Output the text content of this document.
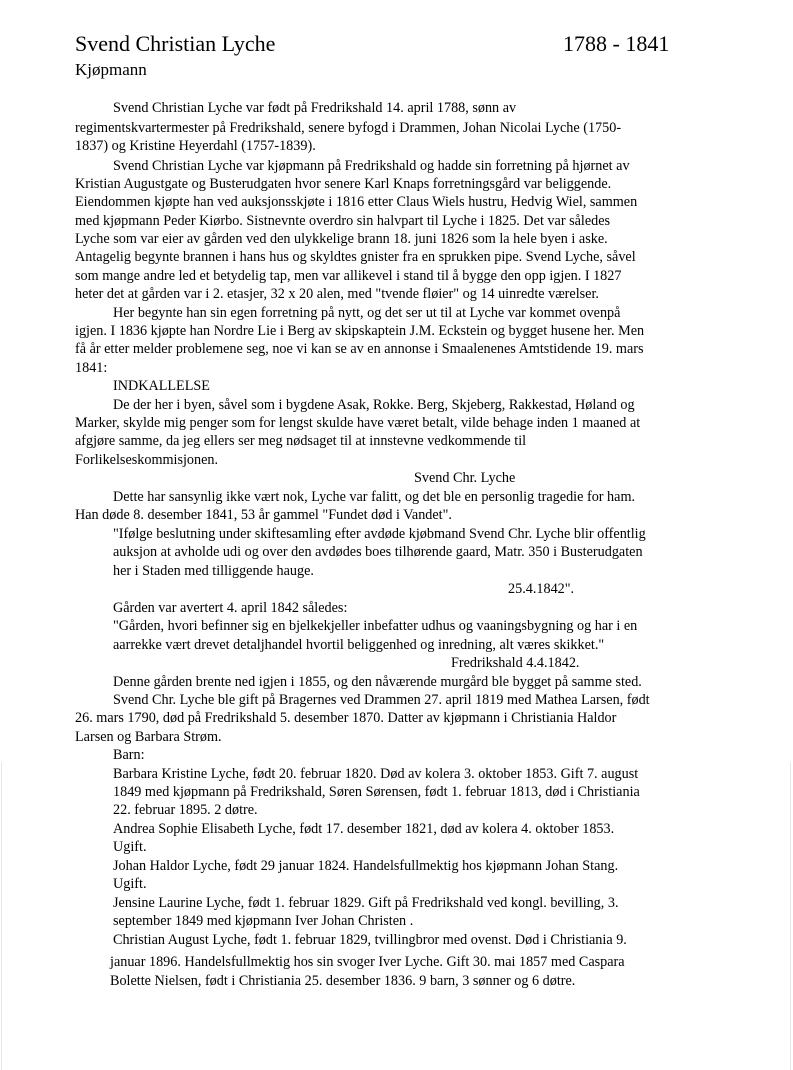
Svend Christian Lyche	1788 - 1841
Kjøpmann
Svend Christian Lyche var født på Fredrikshald 14. april 1788, sønn av
regimentskvartermester på Fredrikshald, senere byfogd i Drammen, Johan Nicolai Lyche (1750-
1837) og Kristine Heyerdahl (1757-1839).
Svend Christian Lyche var kjøpmann på Fredrikshald og hadde sin forretning på hjørnet av
Kristian Augustgate og Busterudgaten hvor senere Karl Knaps forretningsgård var beliggende.
Eiendommen kjøpte han ved auksjonsskjøte i 1816 etter Claus Wiels hustru, Hedvig Wiel, sammen
med kjøpmann Peder Kiørbo. Sistnevnte overdro sin halvpart til Lyche i 1825. Det var således
Lyche som var eier av gården ved den ulykkelige brann 18. juni 1826 som la hele byen i aske.
Antagelig begynte brannen i hans hus og skyldtes gnister fra en sprukken pipe. Svend Lyche, såvel
som mange andre led et betydelig tap, men var allikevel i stand til å bygge den opp igjen. I 1827
heter det at gården var i 2. etasjer, 32 x 20 alen, med "tvende fløier" og 14 uinredte værelser.
Her begynte han sin egen forretning på nytt, og det ser ut til at Lyche var kommet ovenpå
igjen. I 1836 kjøpte han Nordre Lie i Berg av skipskaptein J.M. Eckstein og bygget husene her. Men
få år etter melder problemene seg, noe vi kan se av en annonse i Smaalenenes Amtstidende 19. mars
1841:
INDKALLELSE
De der her i byen, såvel som i bygdene Asak, Rokke. Berg, Skjeberg, Rakkestad, Høland og
Marker, skylde mig penger som for lengst skulde have været betalt, vilde behage inden 1 maaned at
afgjøre samme, da jeg ellers ser meg nødsaget til at innstevne vedkommende til
Forlikelseskommisjonen.
Svend Chr. Lyche
Dette har sansynlig ikke vært nok, Lyche var falitt, og det ble en personlig tragedie for ham.
Han døde 8. desember 1841, 53 år gammel "Fundet død i Vandet".
"Ifølge beslutning under skiftesamling efter avdøde kjøbmand Svend Chr. Lyche blir offentlig
auksjon at avholde udi og over den avdødes boes tilhørende gaard, Matr. 350 i Busterudgaten
her i Staden med tilliggende hauge.
25.4.1842".
Gården var avertert 4. april 1842 således:
"Gården, hvori befinner sig en bjelkekjeller inbefatter udhus og vaaningsbygning og har i en
aarrekke vært drevet detaljhandel hvortil beliggenhed og inredning, alt væres skikket."
Fredrikshald 4.4.1842.
Denne gården brente ned igjen i 1855, og den nåværende murgård ble bygget på samme sted.
Svend Chr. Lyche ble gift på Bragernes ved Drammen 27. april 1819 med Mathea Larsen, født
26. mars 1790, død på Fredrikshald 5. desember 1870. Datter av kjøpmann i Christiania Haldor
Larsen og Barbara Strøm.
Barn:
Barbara Kristine Lyche, født 20. februar 1820. Død av kolera 3. oktober 1853. Gift 7. august
1849 med kjøpmann på Fredrikshald, Søren Sørensen, født 1. februar 1813, død i Christiania
22. februar 1895. 2 døtre.
Andrea Sophie Elisabeth Lyche, født 17. desember 1821, død av kolera 4. oktober 1853.
Ugift.
Johan Haldor Lyche, født 29 januar 1824. Handelsfullmektig hos kjøpmann Johan Stang.
Ugift.
Jensine Laurine Lyche, født 1. februar 1829. Gift på Fredrikshald ved kongl. bevilling, 3.
september 1849 med kjøpmann Iver Johan Christen .
Christian August Lyche, født 1. februar 1829, tvillingbror med ovenst. Død i Christiania 9.
januar 1896. Handelsfullmektig hos sin svoger Iver Lyche. Gift 30. mai 1857 med Caspara
Bolette Nielsen, født i Christiania 25. desember 1836. 9 barn, 3 sønner og 6 døtre.
